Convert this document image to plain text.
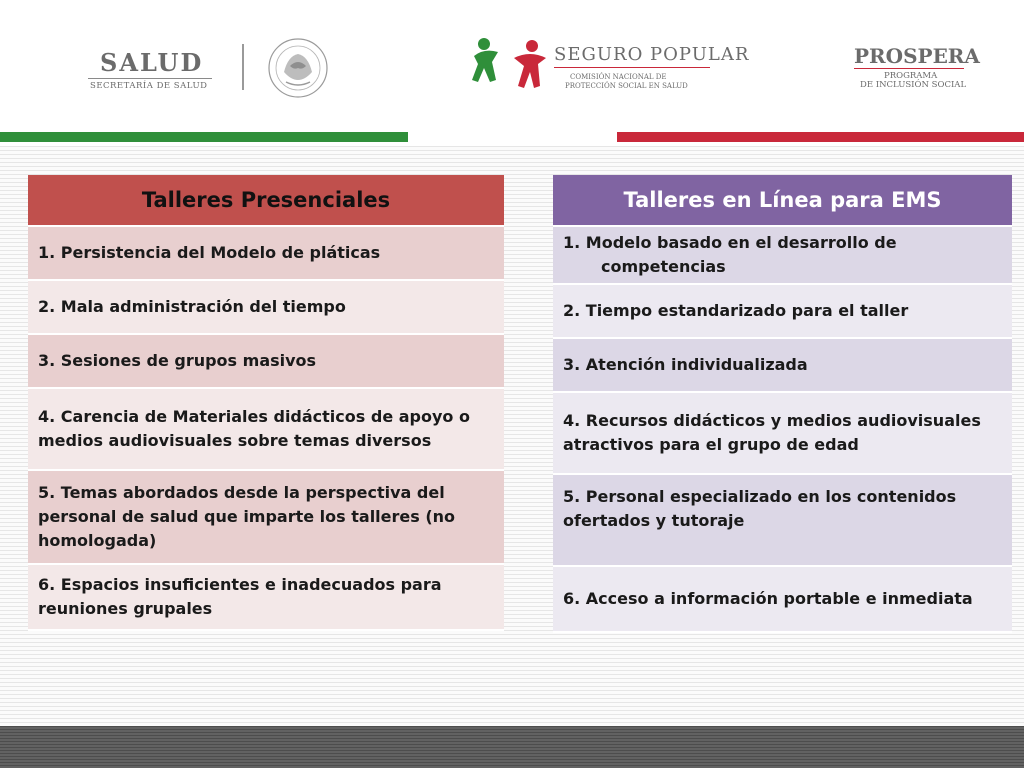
SALUD
SECRETARÍA DE SALUD
SEGURO POPULAR
COMISIÓN NACIONAL DE
PROTECCIÓN SOCIAL EN SALUD
PROSPERA
PROGRAMA
DE INCLUSIÓN SOCIAL
Talleres Presenciales
1. Persistencia del Modelo de pláticas
2. Mala administración del tiempo
3. Sesiones de grupos masivos
4. Carencia de Materiales didácticos de apoyo o medios audiovisuales sobre temas diversos
5. Temas abordados desde la perspectiva del personal de salud que imparte los talleres (no homologada)
6. Espacios insuficientes e inadecuados para reuniones grupales
Talleres en Línea para EMS
1. Modelo basado en el desarrollo de competencias
2. Tiempo estandarizado para el taller
3. Atención individualizada
4. Recursos didácticos y medios audiovisuales atractivos para el grupo de edad
5. Personal especializado en los contenidos ofertados y tutoraje
6. Acceso a información portable e inmediata
